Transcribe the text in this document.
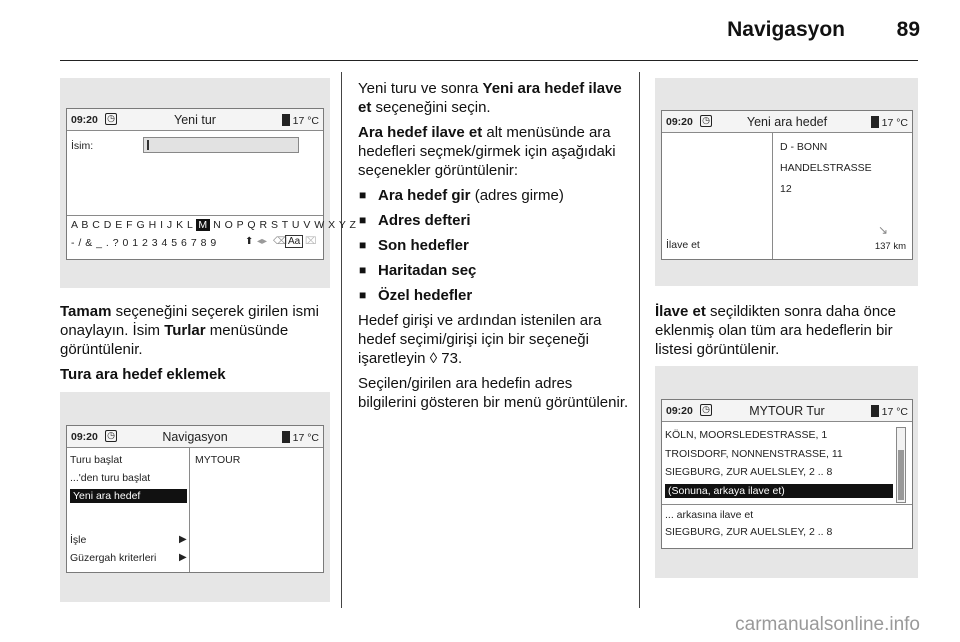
Navigasyon 89
09:20 ◷	Yeni tur	17 °C
İsim:
A B C D E F G H I J K L M N O P Q R S T U V W X Y Z
- / & _ . ? 0 1 2 3 4 5 6 7 8 9	⬆ ◂▸ ⌫ Aa ⌧

Tamam seçeneğini seçerek girilen ismi onaylayın. İsim Turlar menüsünde görüntülenir.

Tura ara hedef eklemek

09:20 ◷	Navigasyon	17 °C
Turu başlat
...'den turu başlat
Yeni ara hedef
İşle	▶
Güzergah kriterleri ▶
MYTOUR

Yeni turu ve sonra Yeni ara hedef ilave et seçeneğini seçin.

Ara hedef ilave et alt menüsünde ara hedefleri seçmek/girmek için aşağıdaki seçenekler görüntülenir:

■ Ara hedef gir (adres girme)
■ Adres defteri
■ Son hedefler
■ Haritadan seç
■ Özel hedefler

Hedef girişi ve ardından istenilen ara hedef seçimi/girişi için bir seçeneği işaretleyin ◊ 73.

Seçilen/girilen ara hedefin adres bilgilerini gösteren bir menü görüntülenir.

09:20 ◷	Yeni ara hedef	17 °C
İlave et
D - BONN
HANDELSTRASSE
12
↘
137 km

İlave et seçildikten sonra daha önce eklenmiş olan tüm ara hedeflerin bir listesi görüntülenir.

09:20 ◷	MYTOUR Tur	17 °C
KÖLN, MOORSLEDESTRASSE, 1
TROISDORF, NONNENSTRASSE, 11
SIEGBURG, ZUR AUELSLEY, 2 .. 8
(Sonuna, arkaya ilave et)
... arkasına ilave et
SIEGBURG, ZUR AUELSLEY, 2 .. 8
carmanualsonline.info
